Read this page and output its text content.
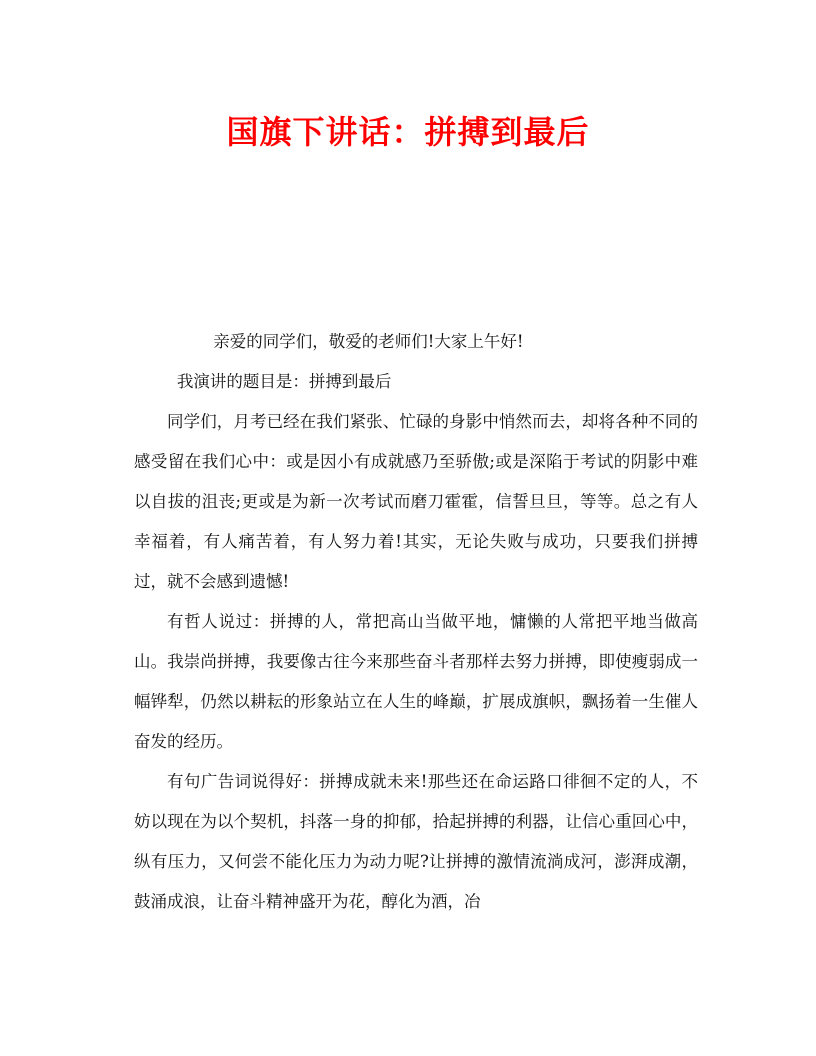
国旗下讲话：拼搏到最后

亲爱的同学们，敬爱的老师们!大家上午好!

我演讲的题目是：拼搏到最后

同学们，月考已经在我们紧张、忙碌的身影中悄然而去，却将各种不同的感受留在我们心中：或是因小有成就感乃至骄傲;或是深陷于考试的阴影中难以自拔的沮丧;更或是为新一次考试而磨刀霍霍，信誓旦旦，等等。总之有人幸福着，有人痛苦着，有人努力着!其实，无论失败与成功，只要我们拼搏过，就不会感到遗憾!

有哲人说过：拼搏的人，常把高山当做平地，慵懒的人常把平地当做高山。我崇尚拼搏，我要像古往今来那些奋斗者那样去努力拼搏，即使瘦弱成一幅铧犁，仍然以耕耘的形象站立在人生的峰巅，扩展成旗帜，飘扬着一生催人奋发的经历。

有句广告词说得好：拼搏成就未来!那些还在命运路口徘徊不定的人，不妨以现在为以个契机，抖落一身的抑郁，拾起拼搏的利器，让信心重回心中，纵有压力，又何尝不能化压力为动力呢?让拼搏的激情流淌成河，澎湃成潮，鼓涌成浪，让奋斗精神盛开为花，醇化为酒，冶
